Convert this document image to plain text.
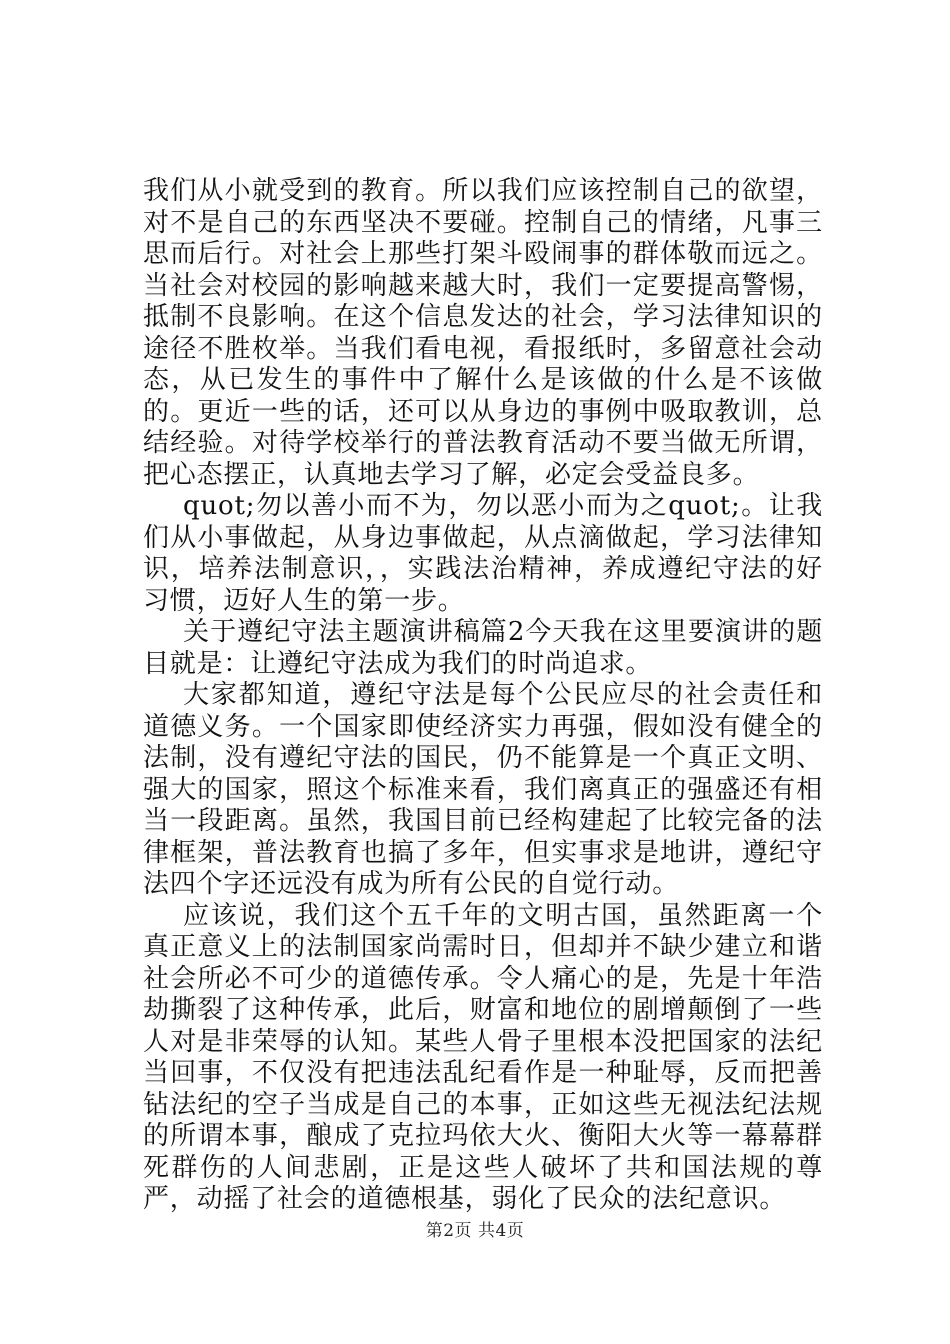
我们从小就受到的教育。所以我们应该控制自己的欲望，对不是自己的东西坚决不要碰。控制自己的情绪，凡事三思而后行。对社会上那些打架斗殴闹事的群体敬而远之。当社会对校园的影响越来越大时，我们一定要提高警惕，抵制不良影响。在这个信息发达的社会，学习法律知识的途径不胜枚举。当我们看电视，看报纸时，多留意社会动态，从已发生的事件中了解什么是该做的什么是不该做的。更近一些的话，还可以从身边的事例中吸取教训，总结经验。对待学校举行的普法教育活动不要当做无所谓，把心态摆正，认真地去学习了解，必定会受益良多。

quot;勿以善小而不为，勿以恶小而为之quot;。让我们从小事做起，从身边事做起，从点滴做起，学习法律知识，培养法制意识，，实践法治精神，养成遵纪守法的好习惯，迈好人生的第一步。

关于遵纪守法主题演讲稿篇2今天我在这里要演讲的题目就是：让遵纪守法成为我们的时尚追求。

大家都知道，遵纪守法是每个公民应尽的社会责任和道德义务。一个国家即使经济实力再强，假如没有健全的法制，没有遵纪守法的国民，仍不能算是一个真正文明、强大的国家，照这个标准来看，我们离真正的强盛还有相当一段距离。虽然，我国目前已经构建起了比较完备的法律框架，普法教育也搞了多年，但实事求是地讲，遵纪守法四个字还远没有成为所有公民的自觉行动。

应该说，我们这个五千年的文明古国，虽然距离一个真正意义上的法制国家尚需时日，但却并不缺少建立和谐社会所必不可少的道德传承。令人痛心的是，先是十年浩劫撕裂了这种传承，此后，财富和地位的剧增颠倒了一些人对是非荣辱的认知。某些人骨子里根本没把国家的法纪当回事，不仅没有把违法乱纪看作是一种耻辱，反而把善钻法纪的空子当成是自己的本事，正如这些无视法纪法规的所谓本事，酿成了克拉玛依大火、衡阳大火等一幕幕群死群伤的人间悲剧，正是这些人破坏了共和国法规的尊严，动摇了社会的道德根基，弱化了民众的法纪意识。

第2页 共4页
